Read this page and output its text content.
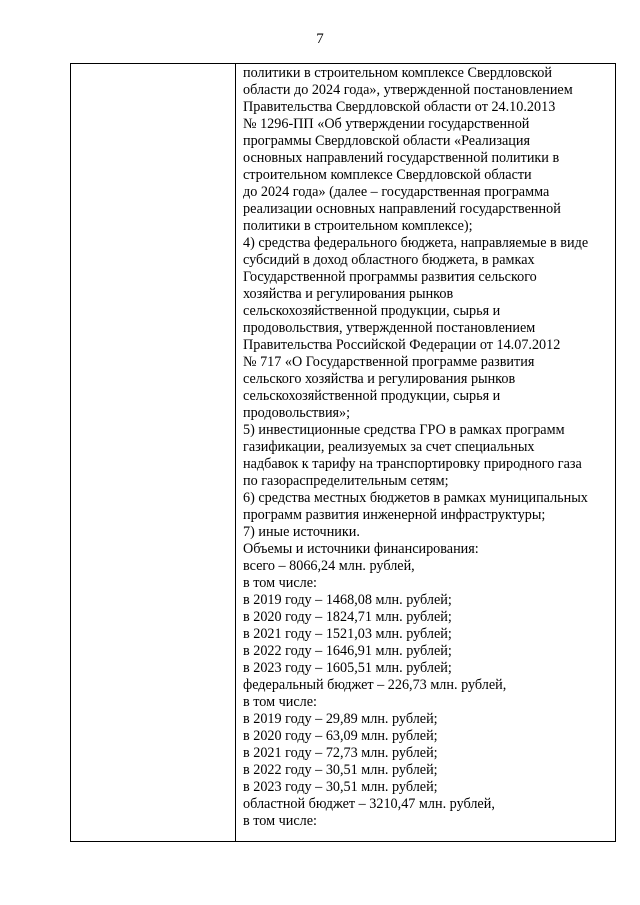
7
политики в строительном комплексе Свердловской
области до 2024 года», утвержденной постановлением
Правительства Свердловской области от 24.10.2013
№ 1296-ПП «Об утверждении государственной
программы Свердловской области «Реализация
основных направлений государственной политики в
строительном комплексе Свердловской области
до 2024 года» (далее – государственная программа
реализации основных направлений государственной
политики в строительном комплексе);
4) средства федерального бюджета, направляемые в виде
субсидий в доход областного бюджета, в рамках
Государственной программы развития сельского
хозяйства и регулирования рынков
сельскохозяйственной продукции, сырья и
продовольствия, утвержденной постановлением
Правительства Российской Федерации от 14.07.2012
№ 717 «О Государственной программе развития
сельского хозяйства и регулирования рынков
сельскохозяйственной продукции, сырья и
продовольствия»;
5) инвестиционные средства ГРО в рамках программ
газификации, реализуемых за счет специальных
надбавок к тарифу на транспортировку природного газа
по газораспределительным сетям;
6) средства местных бюджетов в рамках муниципальных
программ развития инженерной инфраструктуры;
7) иные источники.
Объемы и источники финансирования:
всего – 8066,24 млн. рублей,
в том числе:
в 2019 году – 1468,08 млн. рублей;
в 2020 году – 1824,71 млн. рублей;
в 2021 году – 1521,03 млн. рублей;
в 2022 году – 1646,91 млн. рублей;
в 2023 году – 1605,51 млн. рублей;
федеральный бюджет – 226,73 млн. рублей,
в том числе:
в 2019 году – 29,89 млн. рублей;
в 2020 году – 63,09 млн. рублей;
в 2021 году – 72,73 млн. рублей;
в 2022 году – 30,51 млн. рублей;
в 2023 году – 30,51 млн. рублей;
областной бюджет – 3210,47 млн. рублей,
в том числе:
